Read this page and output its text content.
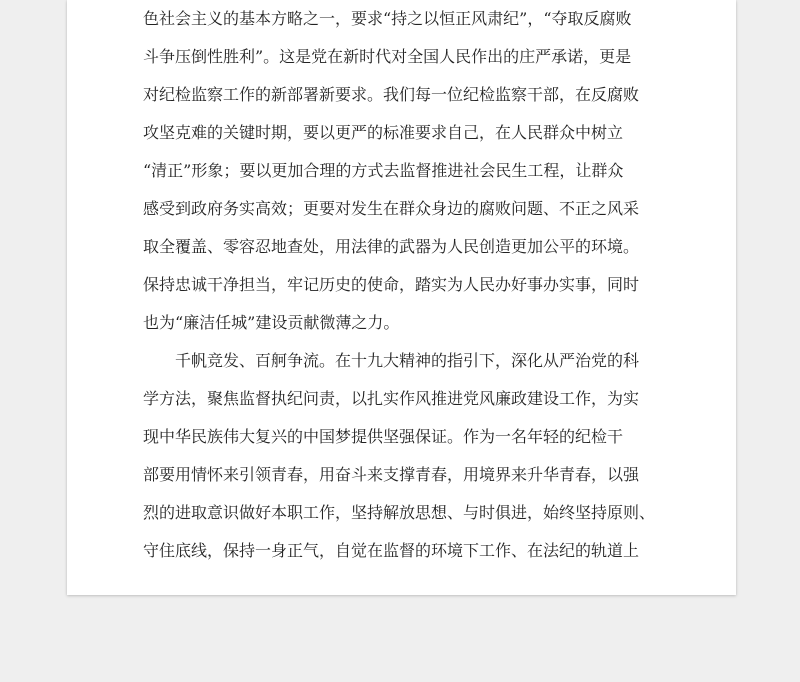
色社会主义的基本方略之一，要求“持之以恒正风肃纪”，“夺取反腐败
斗争压倒性胜利”。这是党在新时代对全国人民作出的庄严承诺，更是
对纪检监察工作的新部署新要求。我们每一位纪检监察干部，在反腐败
攻坚克难的关键时期，要以更严的标准要求自己，在人民群众中树立
“清正”形象；要以更加合理的方式去监督推进社会民生工程，让群众
感受到政府务实高效；更要对发生在群众身边的腐败问题、不正之风采
取全覆盖、零容忍地查处，用法律的武器为人民创造更加公平的环境。
保持忠诚干净担当，牢记历史的使命，踏实为人民办好事办实事，同时
也为“廉洁任城”建设贡献微薄之力。
　　千帆竞发、百舸争流。在十九大精神的指引下，深化从严治党的科
学方法，聚焦监督执纪问责，以扎实作风推进党风廉政建设工作，为实
现中华民族伟大复兴的中国梦提供坚强保证。作为一名年轻的纪检干
部要用情怀来引领青春，用奋斗来支撑青春，用境界来升华青春，以强
烈的进取意识做好本职工作，坚持解放思想、与时俱进，始终坚持原则、
守住底线，保持一身正气，自觉在监督的环境下工作、在法纪的轨道上
